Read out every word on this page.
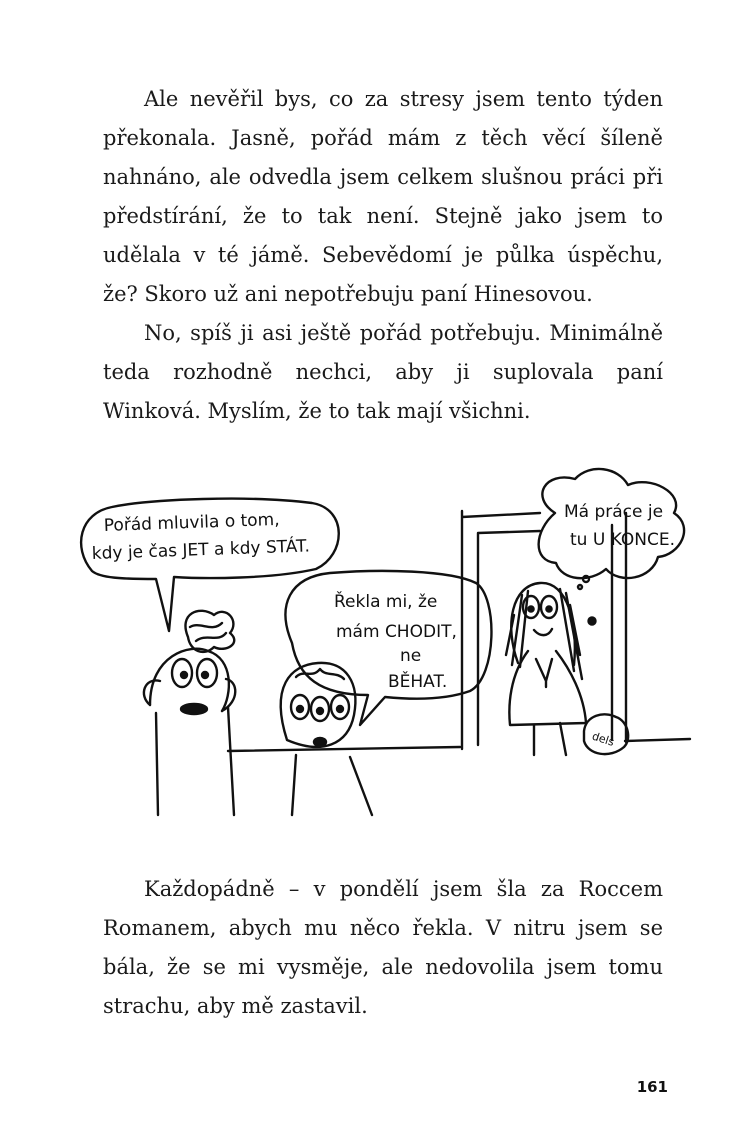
Ale nevěřil bys, co za stresy jsem tento týden překonala. Jasně, pořád mám z těch věcí šíleně nahnáno, ale odvedla jsem celkem slušnou práci při předstírání, že to tak není. Stejně jako jsem to udělala v té jámě. Sebevědomí je půlka úspěchu, že? Skoro už ani nepotřebuju paní Hinesovou.

No, spíš ji asi ještě pořád potřebuju. Minimálně teda rozhodně nechci, aby ji suplovala paní Winková. Myslím, že to tak mají všichni.

Pořád mluvila o tom,
kdy je čas JET a kdy STÁT.
Řekla mi, že
mám CHODIT,
ne
BĚHAT.
Má práce je
tu U KONCE.
dels

Každopádně – v pondělí jsem šla za Roccem Romanem, abych mu něco řekla. V nitru jsem se bála, že se mi vysměje, ale nedovolila jsem tomu strachu, aby mě zastavil.

161
